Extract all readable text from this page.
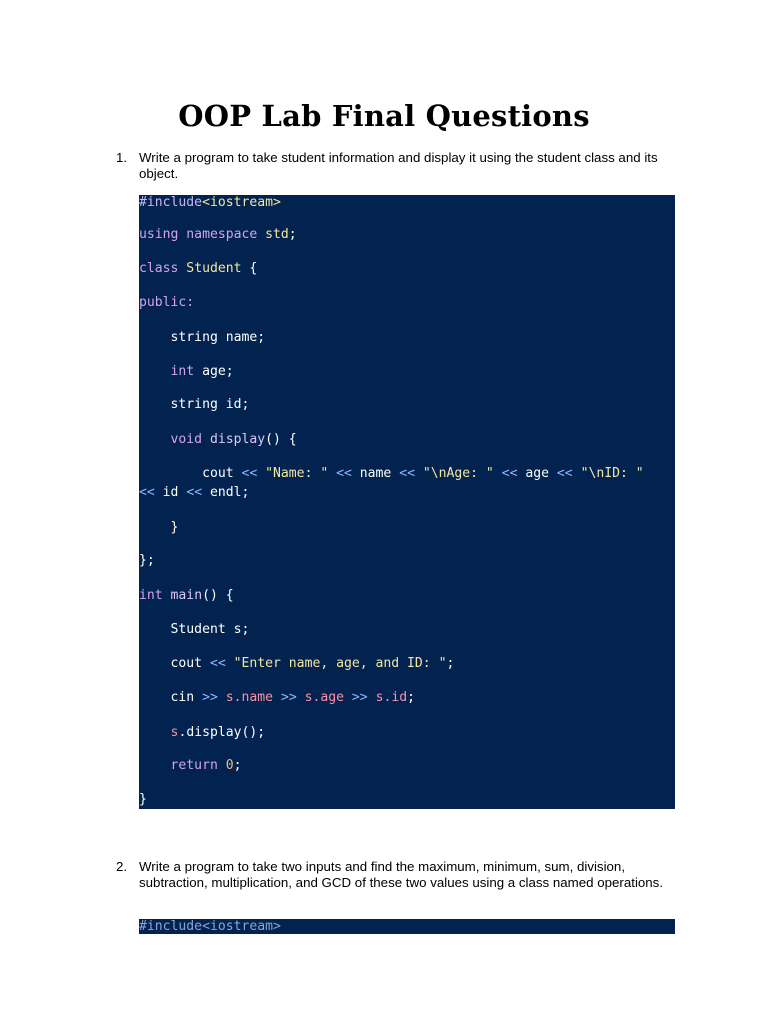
OOP Lab Final Questions
1. Write a program to take student information and display it using the student class and its object.
#include<iostream>
using namespace std;
class Student {
public:
string name;
int age;
string id;
void display() {
cout << "Name: " << name << "\nAge: " << age << "\nID: "
<< id << endl;
}
};
int main() {
Student s;
cout << "Enter name, age, and ID: ";
cin >> s.name >> s.age >> s.id;
s.display();
return 0;
}
2. Write a program to take two inputs and find the maximum, minimum, sum, division, subtraction, multiplication, and GCD of these two values using a class named operations.
#include<iostream>
